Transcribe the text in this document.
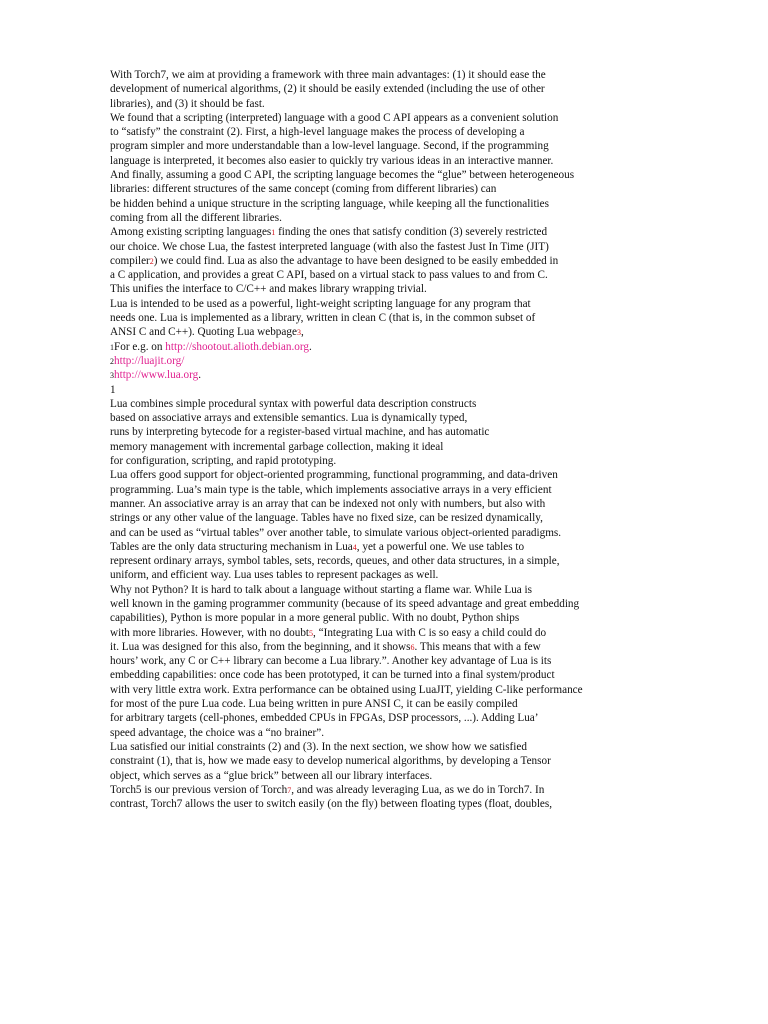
With Torch7, we aim at providing a framework with three main advantages: (1) it should ease the
development of numerical algorithms, (2) it should be easily extended (including the use of other
libraries), and (3) it should be fast.
We found that a scripting (interpreted) language with a good C API appears as a convenient solution
to “satisfy” the constraint (2). First, a high-level language makes the process of developing a
program simpler and more understandable than a low-level language. Second, if the programming
language is interpreted, it becomes also easier to quickly try various ideas in an interactive manner.
And finally, assuming a good C API, the scripting language becomes the “glue” between heterogeneous
libraries: different structures of the same concept (coming from different libraries) can
be hidden behind a unique structure in the scripting language, while keeping all the functionalities
coming from all the different libraries.
Among existing scripting languages1 finding the ones that satisfy condition (3) severely restricted
our choice. We chose Lua, the fastest interpreted language (with also the fastest Just In Time (JIT)
compiler2) we could find. Lua as also the advantage to have been designed to be easily embedded in
a C application, and provides a great C API, based on a virtual stack to pass values to and from C.
This unifies the interface to C/C++ and makes library wrapping trivial.
Lua is intended to be used as a powerful, light-weight scripting language for any program that
needs one. Lua is implemented as a library, written in clean C (that is, in the common subset of
ANSI C and C++). Quoting Lua webpage3,
1For e.g. on http://shootout.alioth.debian.org.
2http://luajit.org/
3http://www.lua.org.
1
Lua combines simple procedural syntax with powerful data description constructs
based on associative arrays and extensible semantics. Lua is dynamically typed,
runs by interpreting bytecode for a register-based virtual machine, and has automatic
memory management with incremental garbage collection, making it ideal
for configuration, scripting, and rapid prototyping.
Lua offers good support for object-oriented programming, functional programming, and data-driven
programming. Lua’s main type is the table, which implements associative arrays in a very efficient
manner. An associative array is an array that can be indexed not only with numbers, but also with
strings or any other value of the language. Tables have no fixed size, can be resized dynamically,
and can be used as “virtual tables” over another table, to simulate various object-oriented paradigms.
Tables are the only data structuring mechanism in Lua4, yet a powerful one. We use tables to
represent ordinary arrays, symbol tables, sets, records, queues, and other data structures, in a simple,
uniform, and efficient way. Lua uses tables to represent packages as well.
Why not Python? It is hard to talk about a language without starting a flame war. While Lua is
well known in the gaming programmer community (because of its speed advantage and great embedding
capabilities), Python is more popular in a more general public. With no doubt, Python ships
with more libraries. However, with no doubt5, “Integrating Lua with C is so easy a child could do
it. Lua was designed for this also, from the beginning, and it shows6. This means that with a few
hours’ work, any C or C++ library can become a Lua library.”. Another key advantage of Lua is its
embedding capabilities: once code has been prototyped, it can be turned into a final system/product
with very little extra work. Extra performance can be obtained using LuaJIT, yielding C-like performance
for most of the pure Lua code. Lua being written in pure ANSI C, it can be easily compiled
for arbitrary targets (cell-phones, embedded CPUs in FPGAs, DSP processors, ...). Adding Lua’
speed advantage, the choice was a “no brainer”.
Lua satisfied our initial constraints (2) and (3). In the next section, we show how we satisfied
constraint (1), that is, how we made easy to develop numerical algorithms, by developing a Tensor
object, which serves as a “glue brick” between all our library interfaces.
Torch5 is our previous version of Torch7, and was already leveraging Lua, as we do in Torch7. In
contrast, Torch7 allows the user to switch easily (on the fly) between floating types (float, doubles,
